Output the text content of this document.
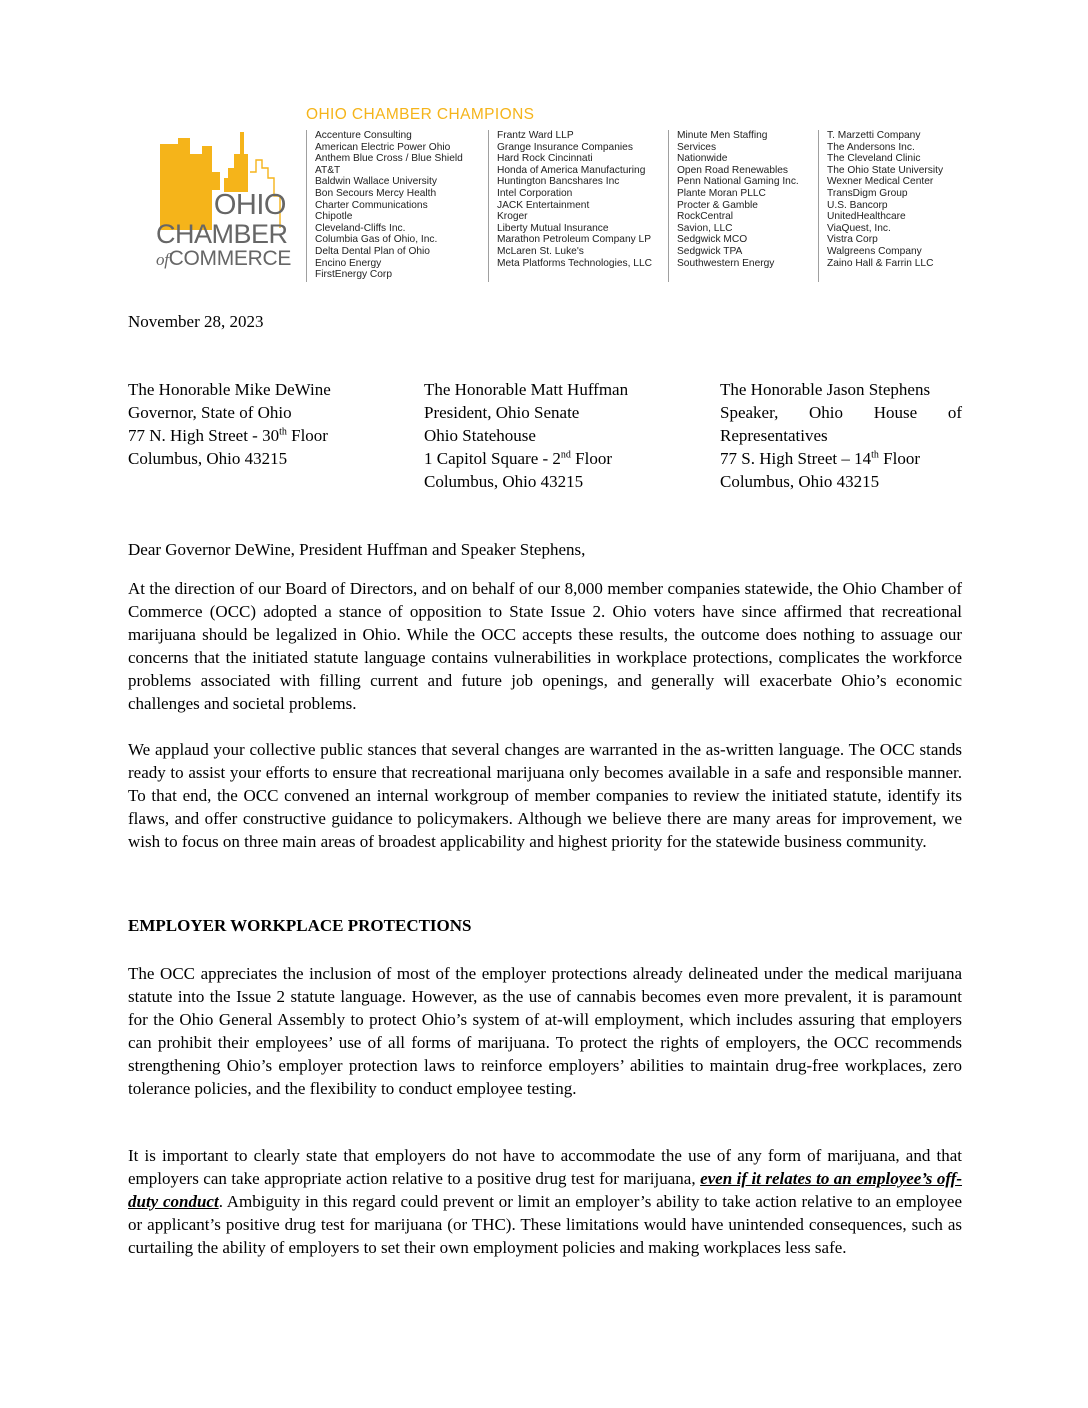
OHIO
CHAMBER
ofCOMMERCE
OHIO CHAMBER CHAMPIONS
Accenture Consulting
American Electric Power Ohio
Anthem Blue Cross / Blue Shield
AT&T
Baldwin Wallace University
Bon Secours Mercy Health
Charter Communications
Chipotle
Cleveland-Cliffs Inc.
Columbia Gas of Ohio, Inc.
Delta Dental Plan of Ohio
Encino Energy
FirstEnergy Corp
Frantz Ward LLP
Grange Insurance Companies
Hard Rock Cincinnati
Honda of America Manufacturing
Huntington Bancshares Inc
Intel Corporation
JACK Entertainment
Kroger
Liberty Mutual Insurance
Marathon Petroleum Company LP
McLaren St. Luke's
Meta Platforms Technologies, LLC
Minute Men Staffing
Services
Nationwide
Open Road Renewables
Penn National Gaming Inc.
Plante Moran PLLC
Procter & Gamble
RockCentral
Savion, LLC
Sedgwick MCO
Sedgwick TPA
Southwestern Energy
T. Marzetti Company
The Andersons Inc.
The Cleveland Clinic
The Ohio State University
Wexner Medical Center
TransDigm Group
U.S. Bancorp
UnitedHealthcare
ViaQuest, Inc.
Vistra Corp
Walgreens Company
Zaino Hall & Farrin LLC
November 28, 2023
The Honorable Mike DeWine
Governor, State of Ohio
77 N. High Street - 30th Floor
Columbus, Ohio 43215
The Honorable Matt Huffman
President, Ohio Senate
Ohio Statehouse
1 Capitol Square - 2nd Floor
Columbus, Ohio 43215
The Honorable Jason Stephens
Speaker, Ohio House of
Representatives
77 S. High Street – 14th Floor
Columbus, Ohio 43215
Dear Governor DeWine, President Huffman and Speaker Stephens,

At the direction of our Board of Directors, and on behalf of our 8,000 member companies statewide, the Ohio Chamber of Commerce (OCC) adopted a stance of opposition to State Issue 2. Ohio voters have since affirmed that recreational marijuana should be legalized in Ohio. While the OCC accepts these results, the outcome does nothing to assuage our concerns that the initiated statute language contains vulnerabilities in workplace protections, complicates the workforce problems associated with filling current and future job openings, and generally will exacerbate Ohio’s economic challenges and societal problems.

We applaud your collective public stances that several changes are warranted in the as-written language. The OCC stands ready to assist your efforts to ensure that recreational marijuana only becomes available in a safe and responsible manner. To that end, the OCC convened an internal workgroup of member companies to review the initiated statute, identify its flaws, and offer constructive guidance to policymakers. Although we believe there are many areas for improvement, we wish to focus on three main areas of broadest applicability and highest priority for the statewide business community.

EMPLOYER WORKPLACE PROTECTIONS

The OCC appreciates the inclusion of most of the employer protections already delineated under the medical marijuana statute into the Issue 2 statute language. However, as the use of cannabis becomes even more prevalent, it is paramount for the Ohio General Assembly to protect Ohio’s system of at-will employment, which includes assuring that employers can prohibit their employees’ use of all forms of marijuana. To protect the rights of employers, the OCC recommends strengthening Ohio’s employer protection laws to reinforce employers’ abilities to maintain drug-free workplaces, zero tolerance policies, and the flexibility to conduct employee testing.

It is important to clearly state that employers do not have to accommodate the use of any form of marijuana, and that employers can take appropriate action relative to a positive drug test for marijuana, even if it relates to an employee’s off-duty conduct. Ambiguity in this regard could prevent or limit an employer’s ability to take action relative to an employee or applicant’s positive drug test for marijuana (or THC). These limitations would have unintended consequences, such as curtailing the ability of employers to set their own employment policies and making workplaces less safe.
